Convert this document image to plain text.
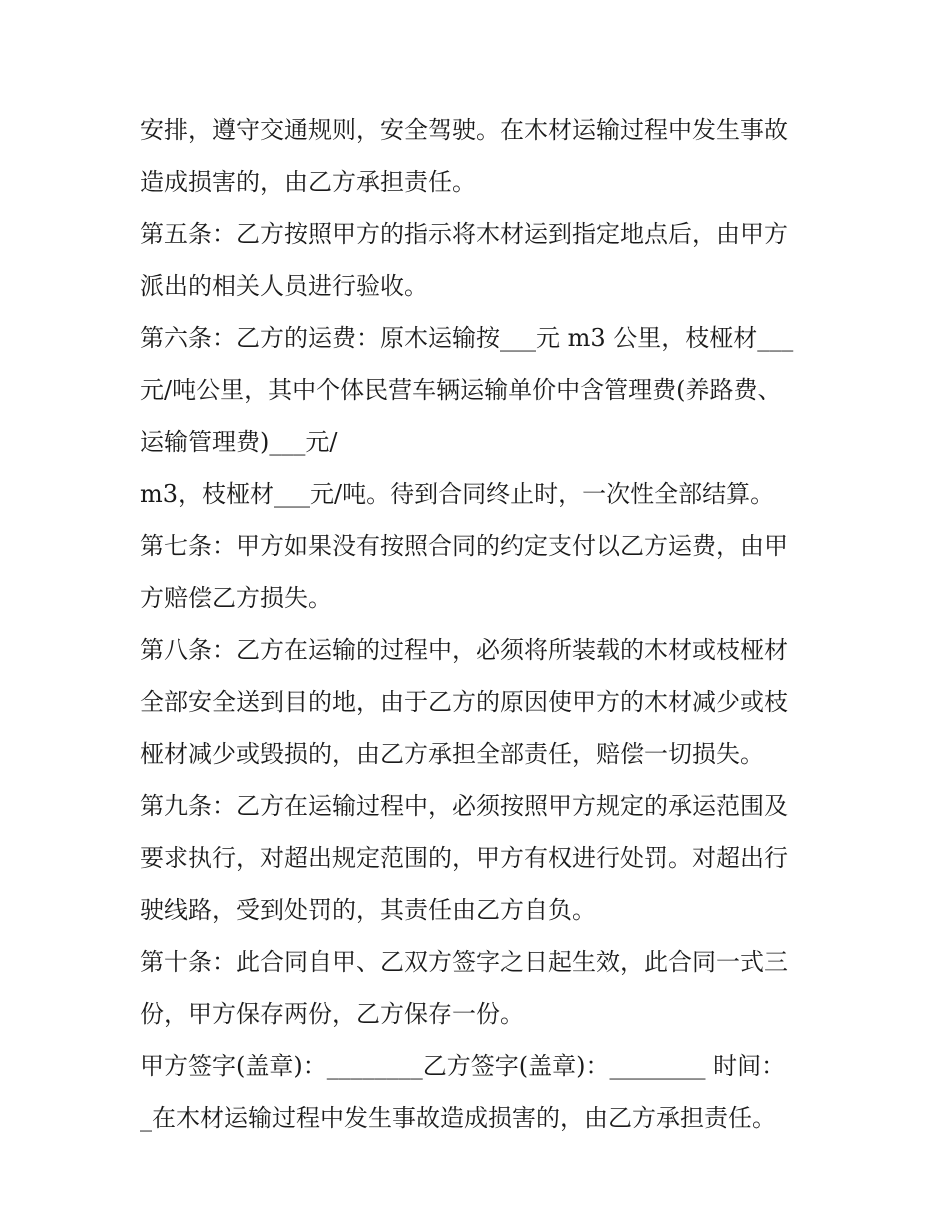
安排，遵守交通规则，安全驾驶。在木材运输过程中发生事故

造成损害的，由乙方承担责任。

第五条：乙方按照甲方的指示将木材运到指定地点后，由甲方

派出的相关人员进行验收。

第六条：乙方的运费：原木运输按___元 m3 公里，枝桠材___

元/吨公里，其中个体民营车辆运输单价中含管理费(养路费、

运输管理费)___元/

m3，枝桠材___元/吨。待到合同终止时，一次性全部结算。

第七条：甲方如果没有按照合同的约定支付以乙方运费，由甲

方赔偿乙方损失。

第八条：乙方在运输的过程中，必须将所装载的木材或枝桠材

全部安全送到目的地，由于乙方的原因使甲方的木材减少或枝

桠材减少或毁损的，由乙方承担全部责任，赔偿一切损失。

第九条：乙方在运输过程中，必须按照甲方规定的承运范围及

要求执行，对超出规定范围的，甲方有权进行处罚。对超出行

驶线路，受到处罚的，其责任由乙方自负。

第十条：此合同自甲、乙双方签字之日起生效，此合同一式三

份，甲方保存两份，乙方保存一份。

甲方签字(盖章)：________乙方签字(盖章)：________ 时间：

_在木材运输过程中发生事故造成损害的，由乙方承担责任。
